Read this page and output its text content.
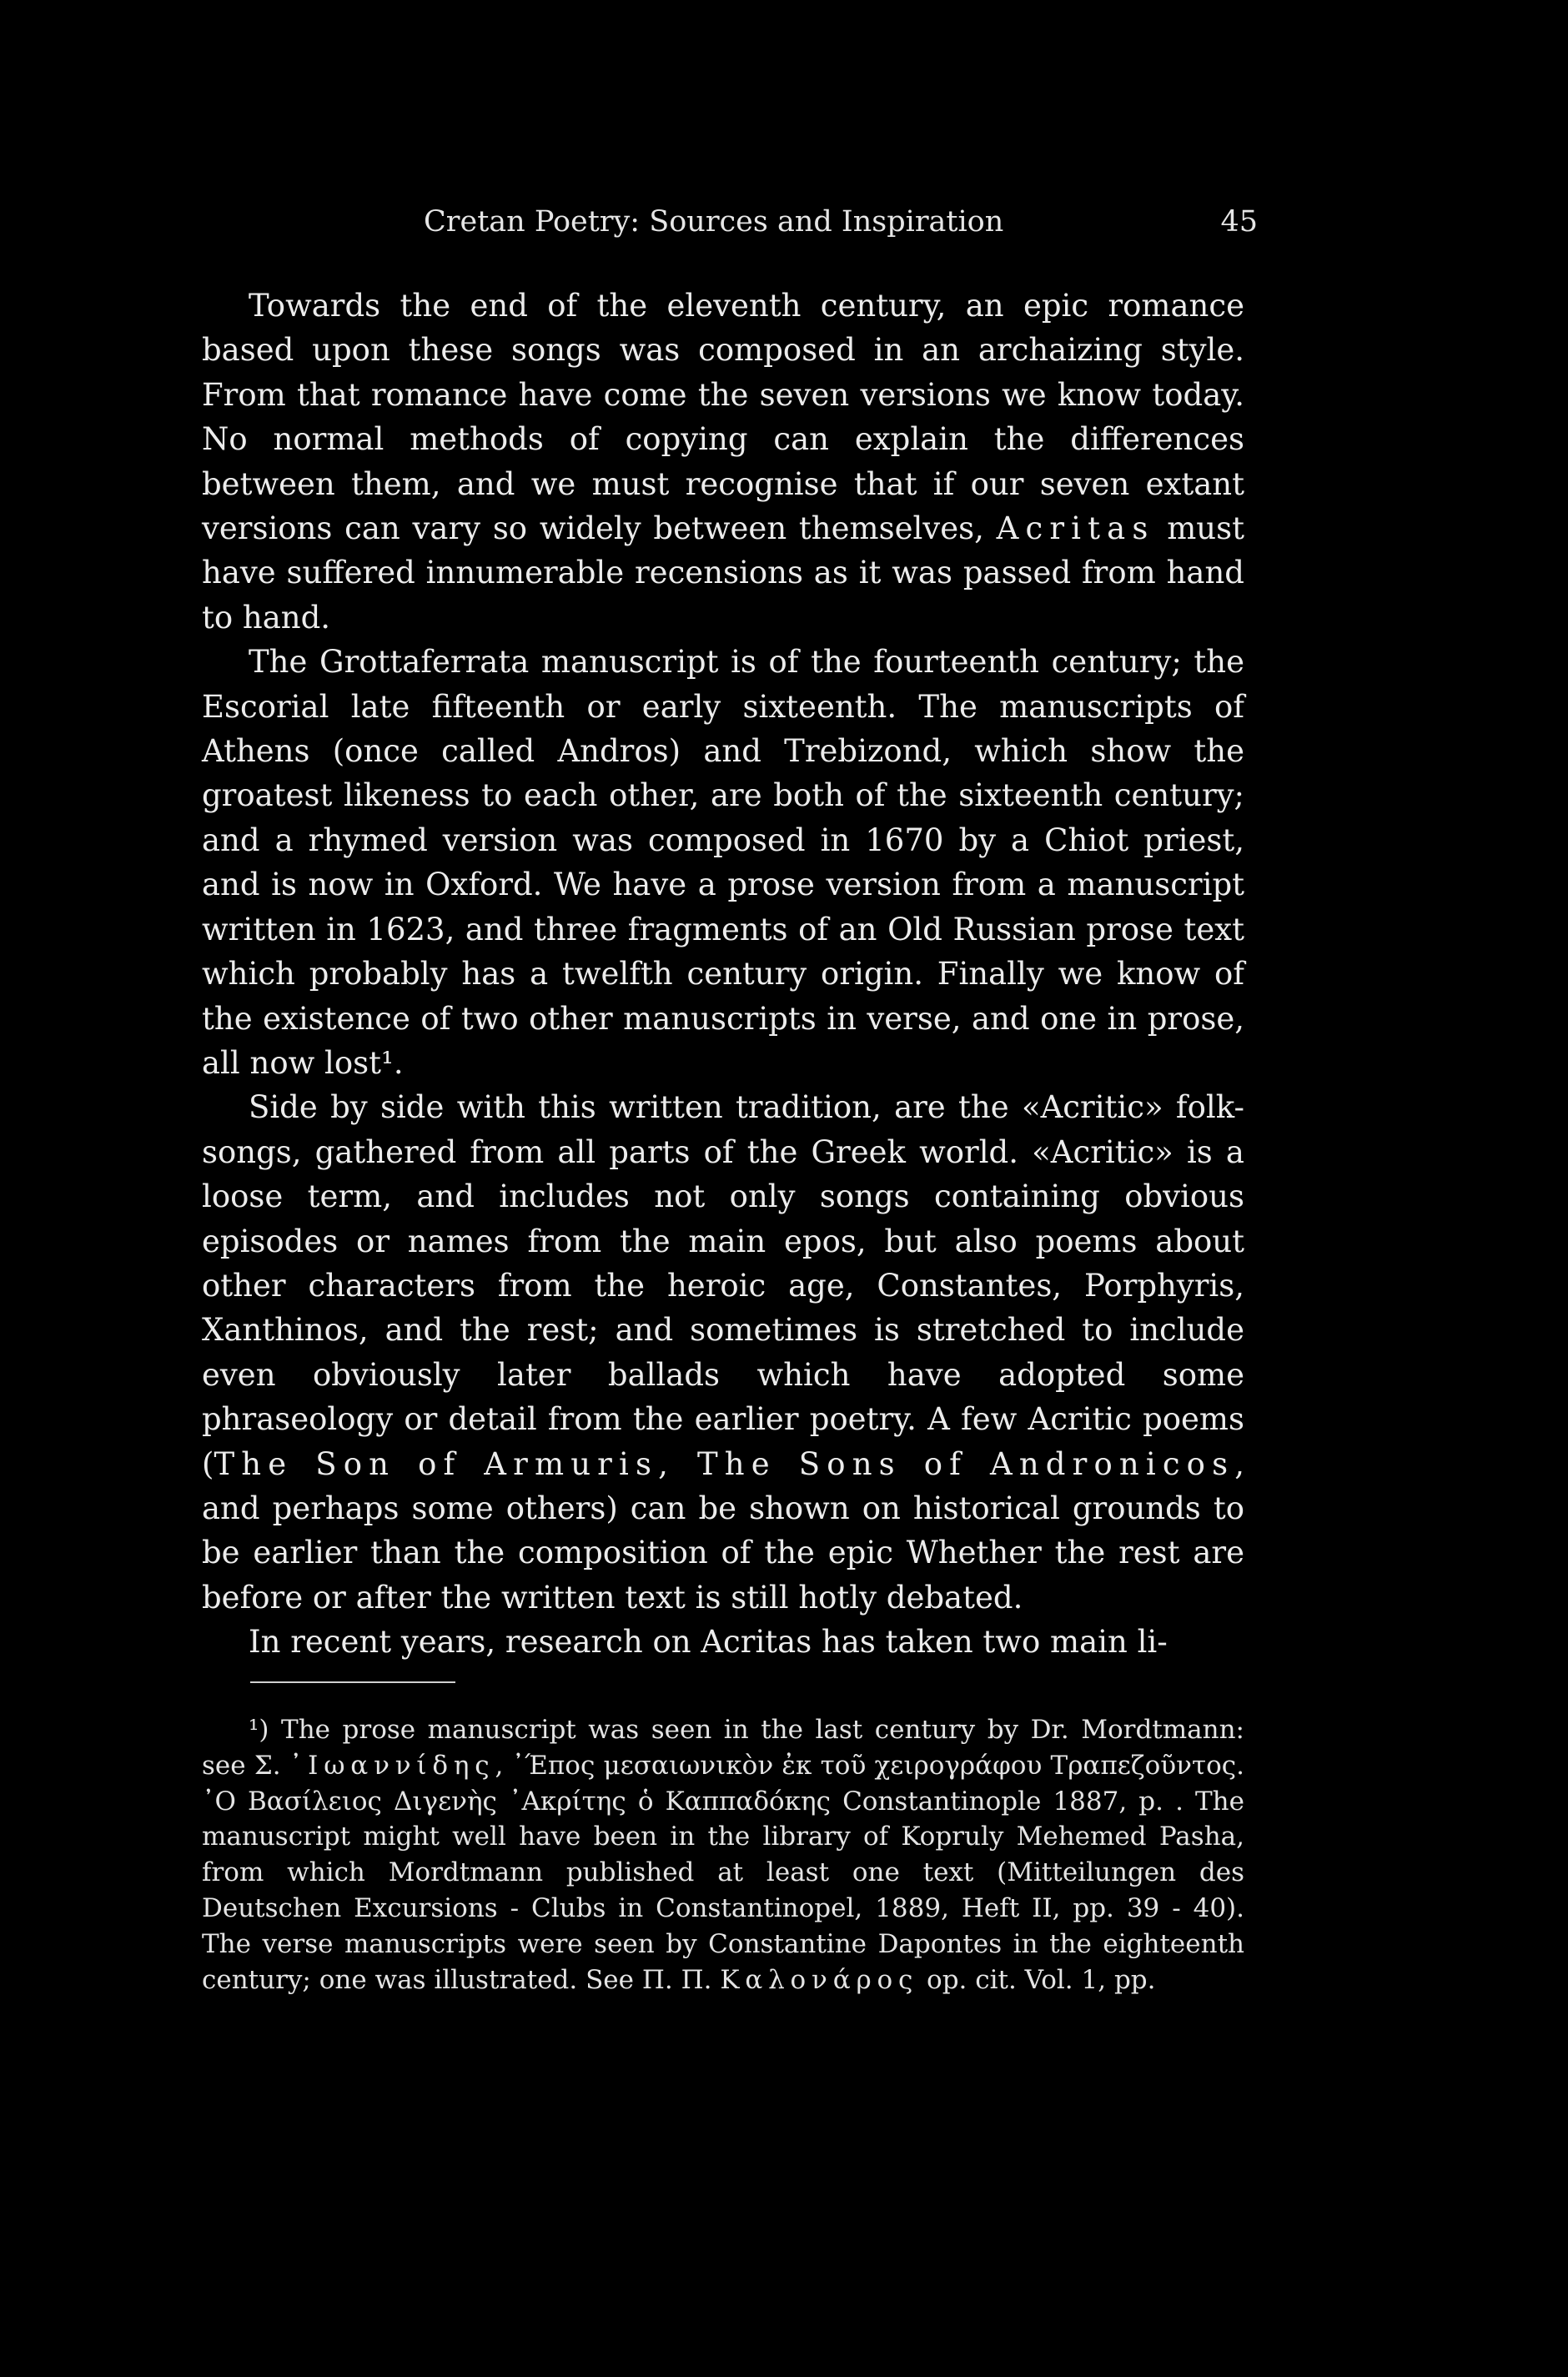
Cretan Poetry: Sources and Inspiration	45

Towards the end of the eleventh century, an epic romance based upon these songs was composed in an archaizing style. From that romance have come the seven versions we know today. No normal methods of copying can explain the differences between them, and we must recognise that if our seven extant versions can vary so widely between themselves, Acritas must have suffered innumerable recensions as it was passed from hand to hand.

The Grottaferrata manuscript is of the fourteenth century; the Escorial late fifteenth or early sixteenth. The manuscripts of Athens (once called Andros) and Trebizond, which show the groatest likeness to each other, are both of the sixteenth century; and a rhymed version was composed in 1670 by a Chiot priest, and is now in Oxford. We have a prose version from a manuscript written in 1623, and three fragments of an Old Russian prose text which probably has a twelfth century origin. Finally we know of the existence of two other manuscripts in verse, and one in prose, all now lost¹.

Side by side with this written tradition, are the «Acritic» folk-songs, gathered from all parts of the Greek world. «Acritic» is a loose term, and includes not only songs containing obvious episodes or names from the main epos, but also poems about other characters from the heroic age, Constantes, Porphyris, Xanthinos, and the rest; and sometimes is stretched to include even obviously later ballads which have adopted some phraseology or detail from the earlier poetry. A few Acritic poems (The Son of Armuris, The Sons of Andronicos, and perhaps some others) can be shown on historical grounds to be earlier than the composition of the epic Whether the rest are before or after the written text is still hotly debated.

In recent years, research on Acritas has taken two main li-

¹) The prose manuscript was seen in the last century by Dr. Mordtmann: see Σ. ᾿Ιωαννίδης, ᾿Έπος μεσαιωνικὸν ἐκ τοῦ χειρογράφου Τραπεζοῦντος. ᾿Ο Βασίλειος Διγενὴς ᾿Ακρίτης ὁ Καππαδόκης Constantinople 1887, p. . The manuscript might well have been in the library of Kopruly Mehemed Pasha, from which Mordtmann published at least one text (Mitteilungen des Deutschen Excursions - Clubs in Constantinopel, 1889, Heft II, pp. 39 - 40). The verse manuscripts were seen by Constantine Dapontes in the eighteenth century; one was illustrated. See Π. Π. Καλονάρος op. cit. Vol. 1, pp.
